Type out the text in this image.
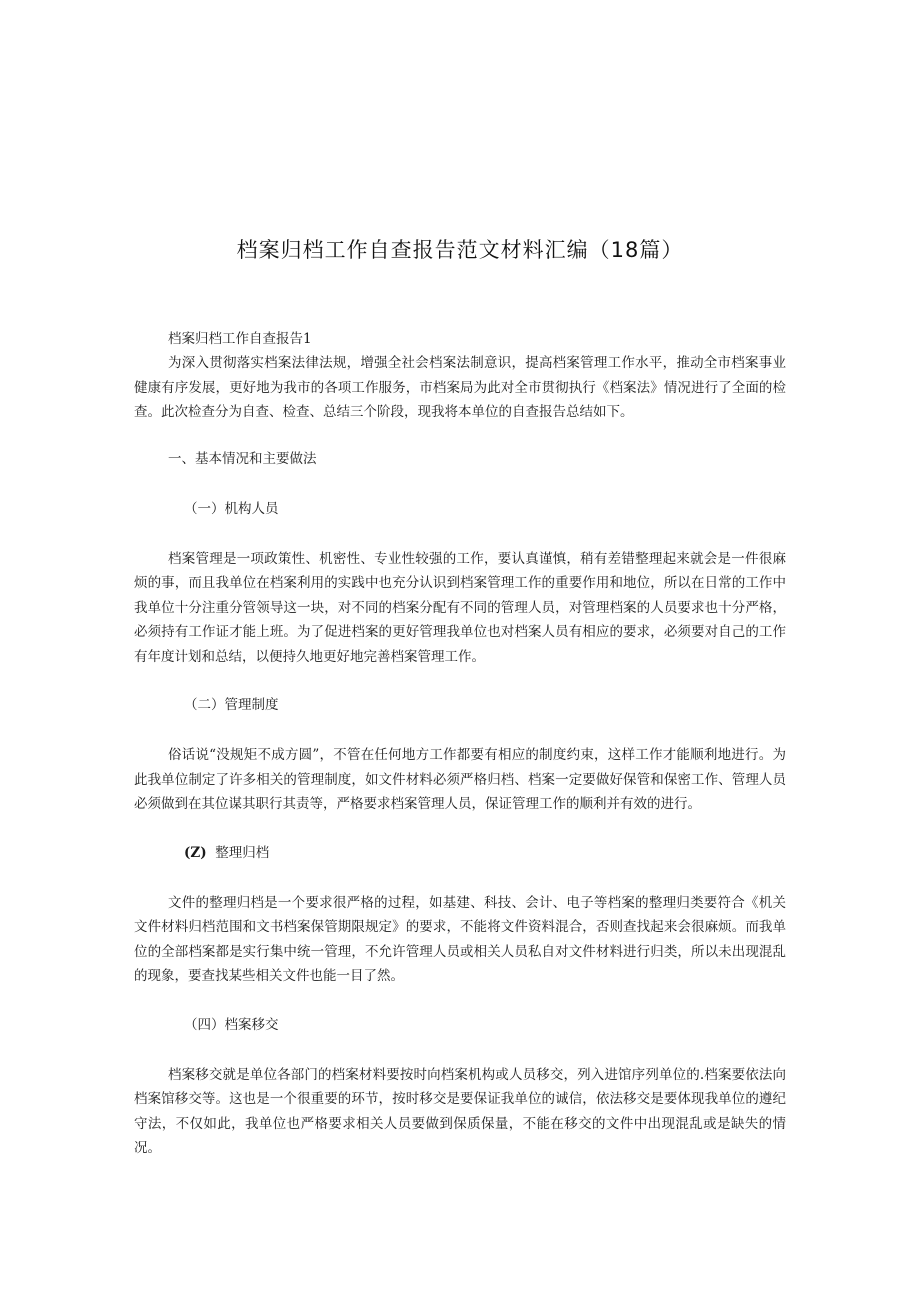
档案归档工作自查报告范文材料汇编（18篇）

档案归档工作自查报告1

为深入贯彻落实档案法律法规，增强全社会档案法制意识，提高档案管理工作水平，推动全市档案事业健康有序发展，更好地为我市的各项工作服务，市档案局为此对全市贯彻执行《档案法》情况进行了全面的检查。此次检查分为自查、检查、总结三个阶段，现我将本单位的自查报告总结如下。

一、基本情况和主要做法

（一）机构人员

档案管理是一项政策性、机密性、专业性较强的工作，要认真谨慎，稍有差错整理起来就会是一件很麻烦的事，而且我单位在档案利用的实践中也充分认识到档案管理工作的重要作用和地位，所以在日常的工作中我单位十分注重分管领导这一块，对不同的档案分配有不同的管理人员，对管理档案的人员要求也十分严格，必须持有工作证才能上班。为了促进档案的更好管理我单位也对档案人员有相应的要求，必须要对自己的工作有年度计划和总结，以便持久地更好地完善档案管理工作。

（二）管理制度

俗话说“没规矩不成方圆”，不管在任何地方工作都要有相应的制度约束，这样工作才能顺利地进行。为此我单位制定了许多相关的管理制度，如文件材料必须严格归档、档案一定要做好保管和保密工作、管理人员必须做到在其位谋其职行其责等，严格要求档案管理人员，保证管理工作的顺利并有效的进行。

(Z) 整理归档

文件的整理归档是一个要求很严格的过程，如基建、科技、会计、电子等档案的整理归类要符合《机关文件材料归档范围和文书档案保管期限规定》的要求，不能将文件资料混合，否则查找起来会很麻烦。而我单位的全部档案都是实行集中统一管理，不允许管理人员或相关人员私自对文件材料进行归类，所以未出现混乱的现象，要查找某些相关文件也能一目了然。

（四）档案移交

档案移交就是单位各部门的档案材料要按时向档案机构或人员移交，列入进馆序列单位的.档案要依法向档案馆移交等。这也是一个很重要的环节，按时移交是要保证我单位的诚信，依法移交是要体现我单位的遵纪守法，不仅如此，我单位也严格要求相关人员要做到保质保量，不能在移交的文件中出现混乱或是缺失的情况。
